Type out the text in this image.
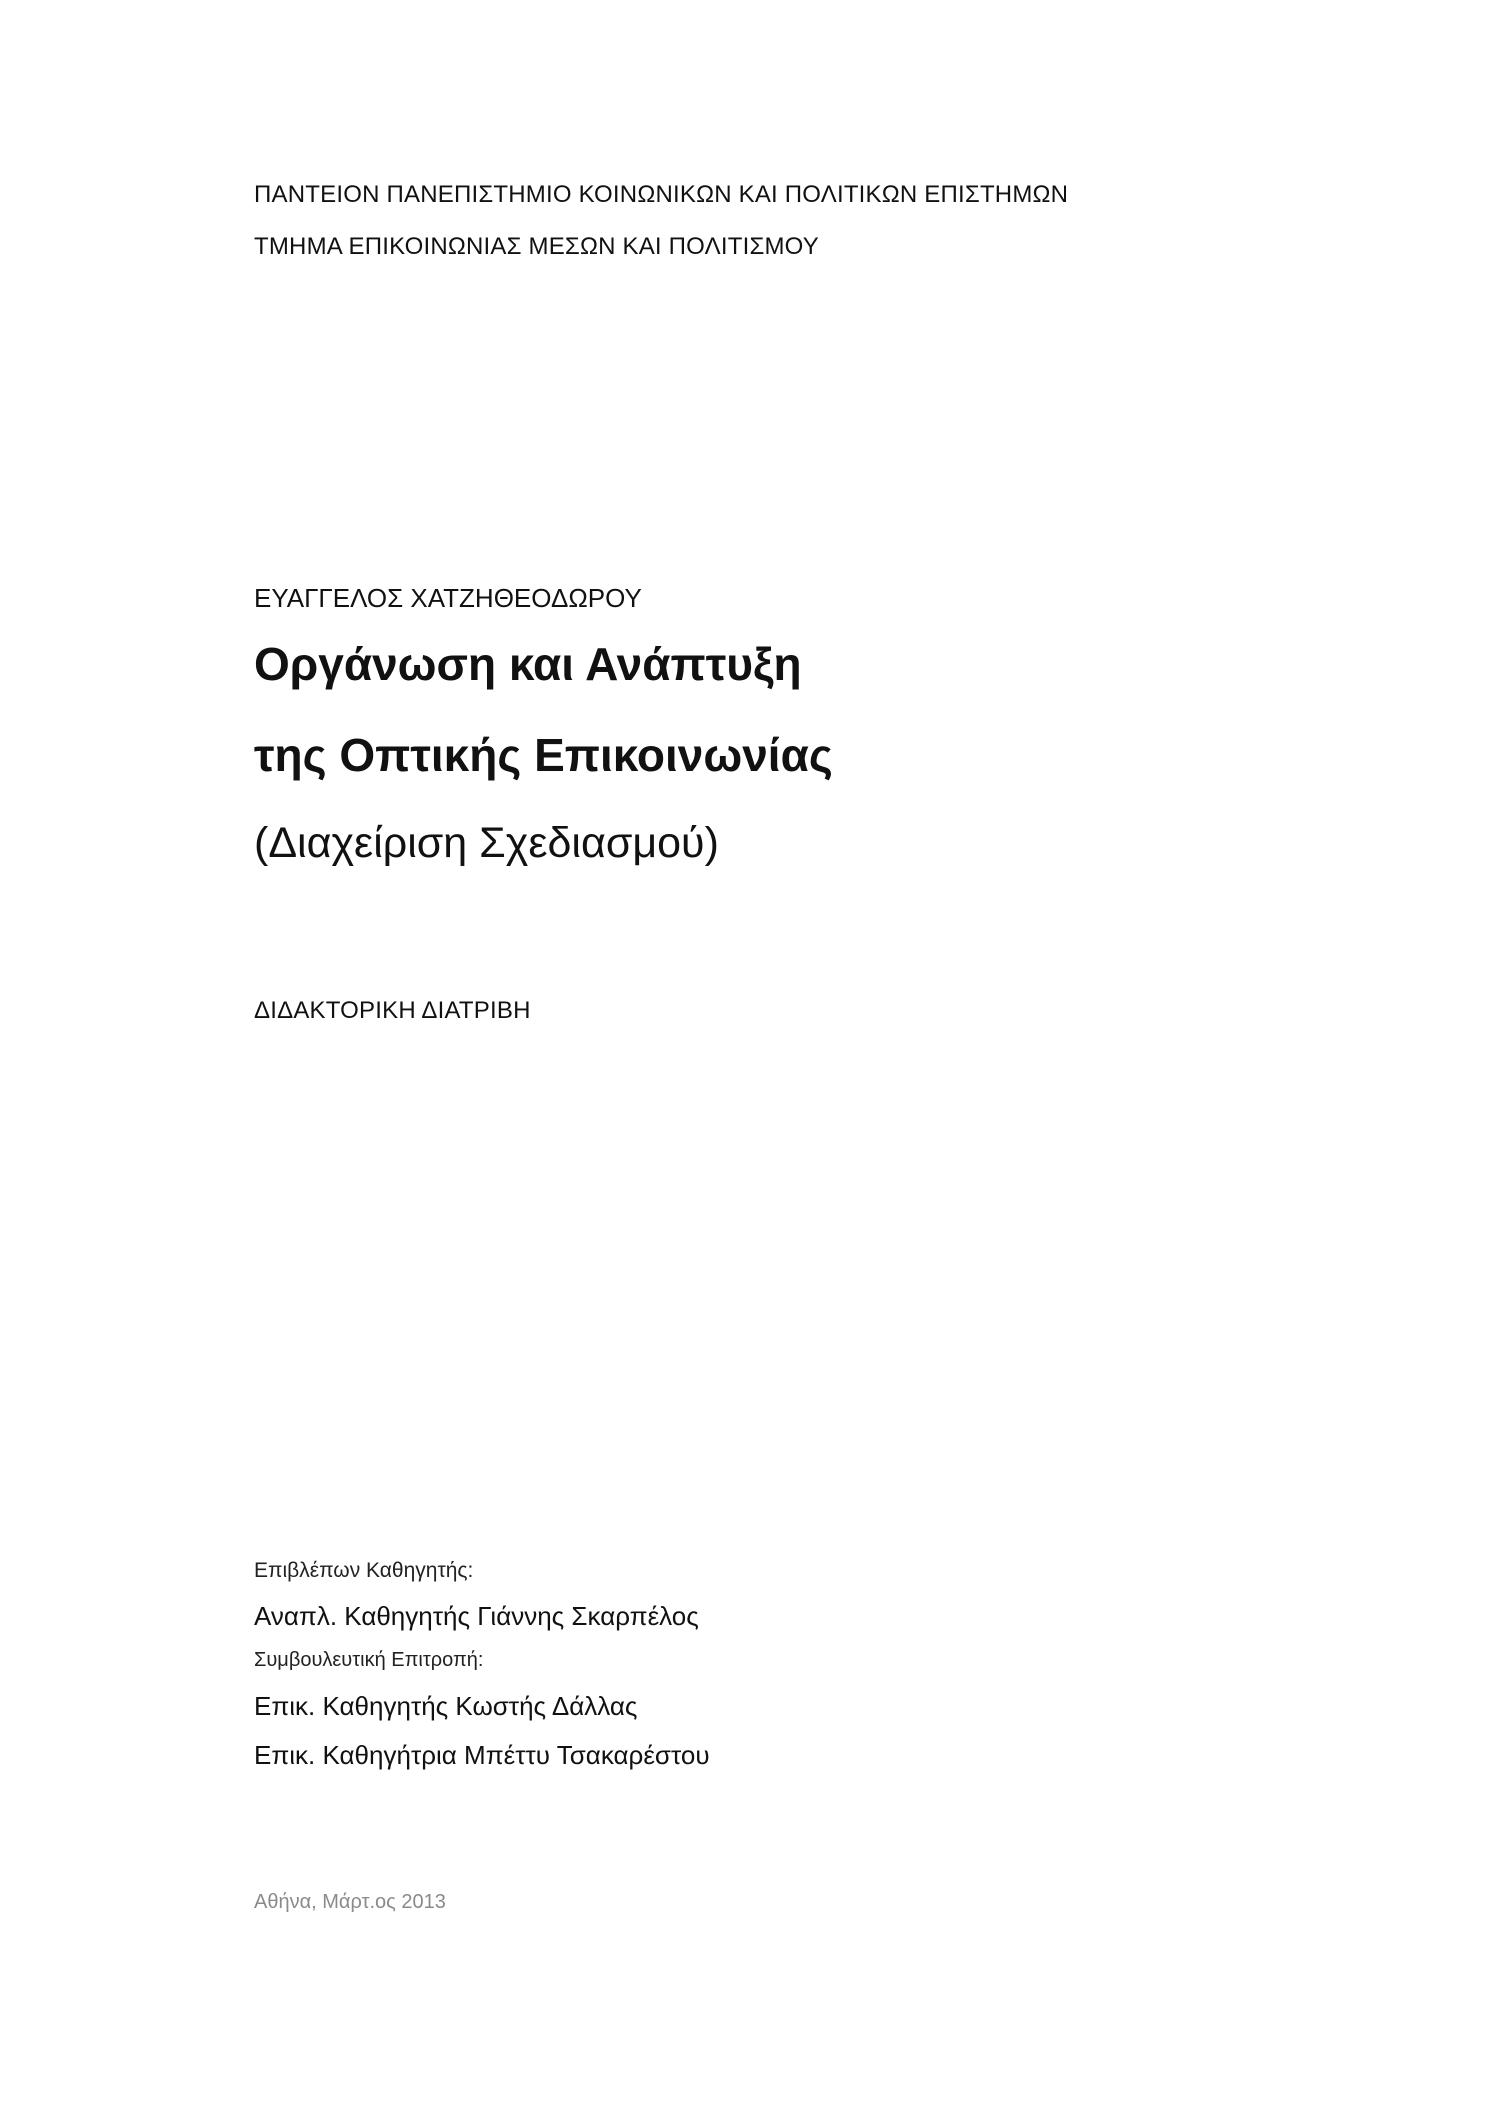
ΠΑΝΤΕΙΟΝ ΠΑΝΕΠΙΣΤΗΜΙΟ ΚΟΙΝΩΝΙΚΩΝ ΚΑΙ ΠΟΛΙΤΙΚΩΝ ΕΠΙΣΤΗΜΩΝ
ΤΜΗΜΑ ΕΠΙΚΟΙΝΩΝΙΑΣ ΜΕΣΩΝ ΚΑΙ ΠΟΛΙΤΙΣΜΟΥ
ΕΥΑΓΓΕΛΟΣ ΧΑΤΖΗΘΕΟΔΩΡΟΥ
Οργάνωση και Ανάπτυξη
της Οπτικής Επικοινωνίας
(Διαχείριση Σχεδιασμού)
ΔΙΔΑΚΤΟΡΙΚΗ ΔΙΑΤΡΙΒΗ
Επιβλέπων Καθηγητής:
Αναπλ. Καθηγητής Γιάννης Σκαρπέλος
Συμβουλευτική Επιτροπή:
Επικ. Καθηγητής Κωστής Δάλλας
Επικ. Καθηγήτρια Μπέττυ Τσακαρέστου
Αθήνα, Μάρτ.ος 2013
